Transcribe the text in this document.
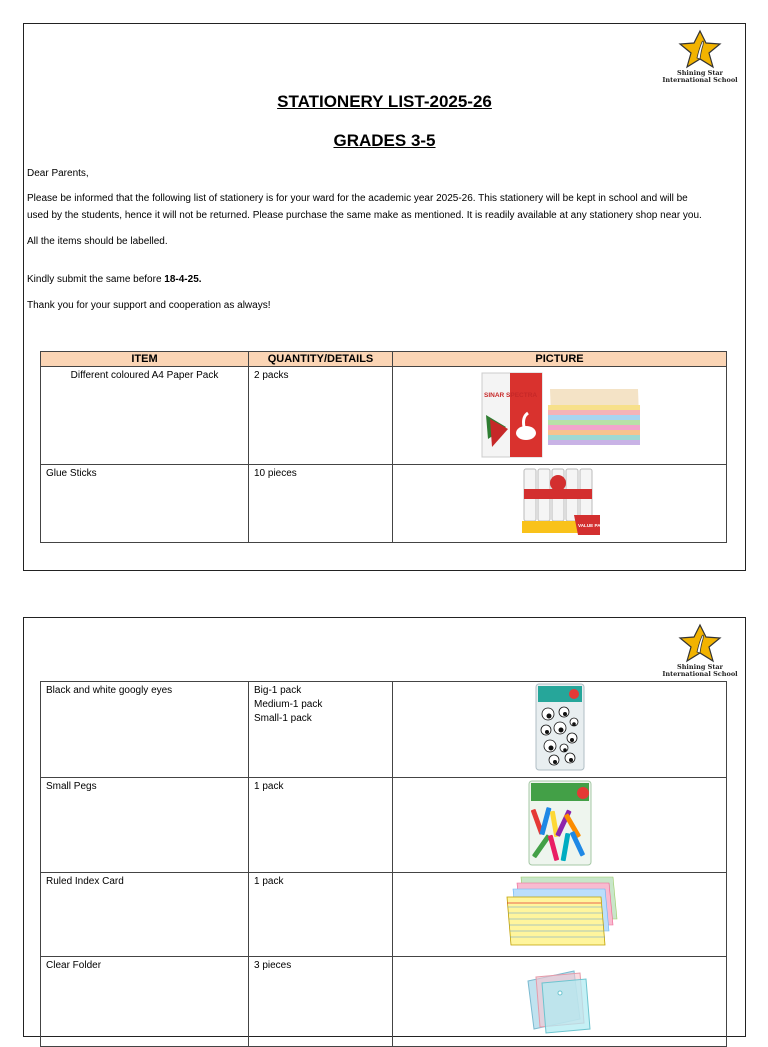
Shining Star
International School
STATIONERY LIST-2025-26
GRADES 3-5
Dear Parents,
Please be informed that the following list of stationery is for your ward for the academic year 2025-26. This stationery will be kept in school and will be
used by the students, hence it will not be returned. Please purchase the same make as mentioned. It is readily available at any stationery shop near you.
All the items should be labelled.
Kindly submit the same before 18-4-25.
Thank you for your support and cooperation as always!
ITEM	QUANTITY/DETAILS	PICTURE
Different coloured A4 Paper Pack	2 packs	SINAR SPECTRA

Glue Sticks	10 pieces	VALUE PACK
Shining Star
International School
Black and white googly eyes	Big-1 pack
Medium-1 pack
Small-1 pack

Small Pegs	1 pack	
Ruled Index Card	1 pack	
Clear Folder	3 pieces	
